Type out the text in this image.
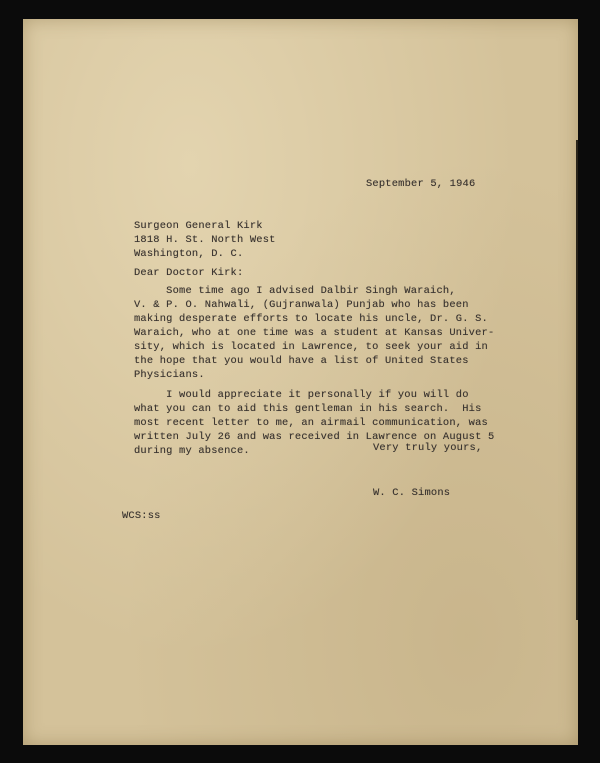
September 5, 1946
Surgeon General Kirk
1818 H. St. North West
Washington, D. C.
Dear Doctor Kirk:
Some time ago I advised Dalbir Singh Waraich,
V. & P. O. Nahwali, (Gujranwala) Punjab who has been
making desperate efforts to locate his uncle, Dr. G. S.
Waraich, who at one time was a student at Kansas Univer-
sity, which is located in Lawrence, to seek your aid in
the hope that you would have a list of United States
Physicians.
I would appreciate it personally if you will do
what you can to aid this gentleman in his search.  His
most recent letter to me, an airmail communication, was
written July 26 and was received in Lawrence on August 5
during my absence.	Very truly yours,
W. C. Simons
WCS:ss
